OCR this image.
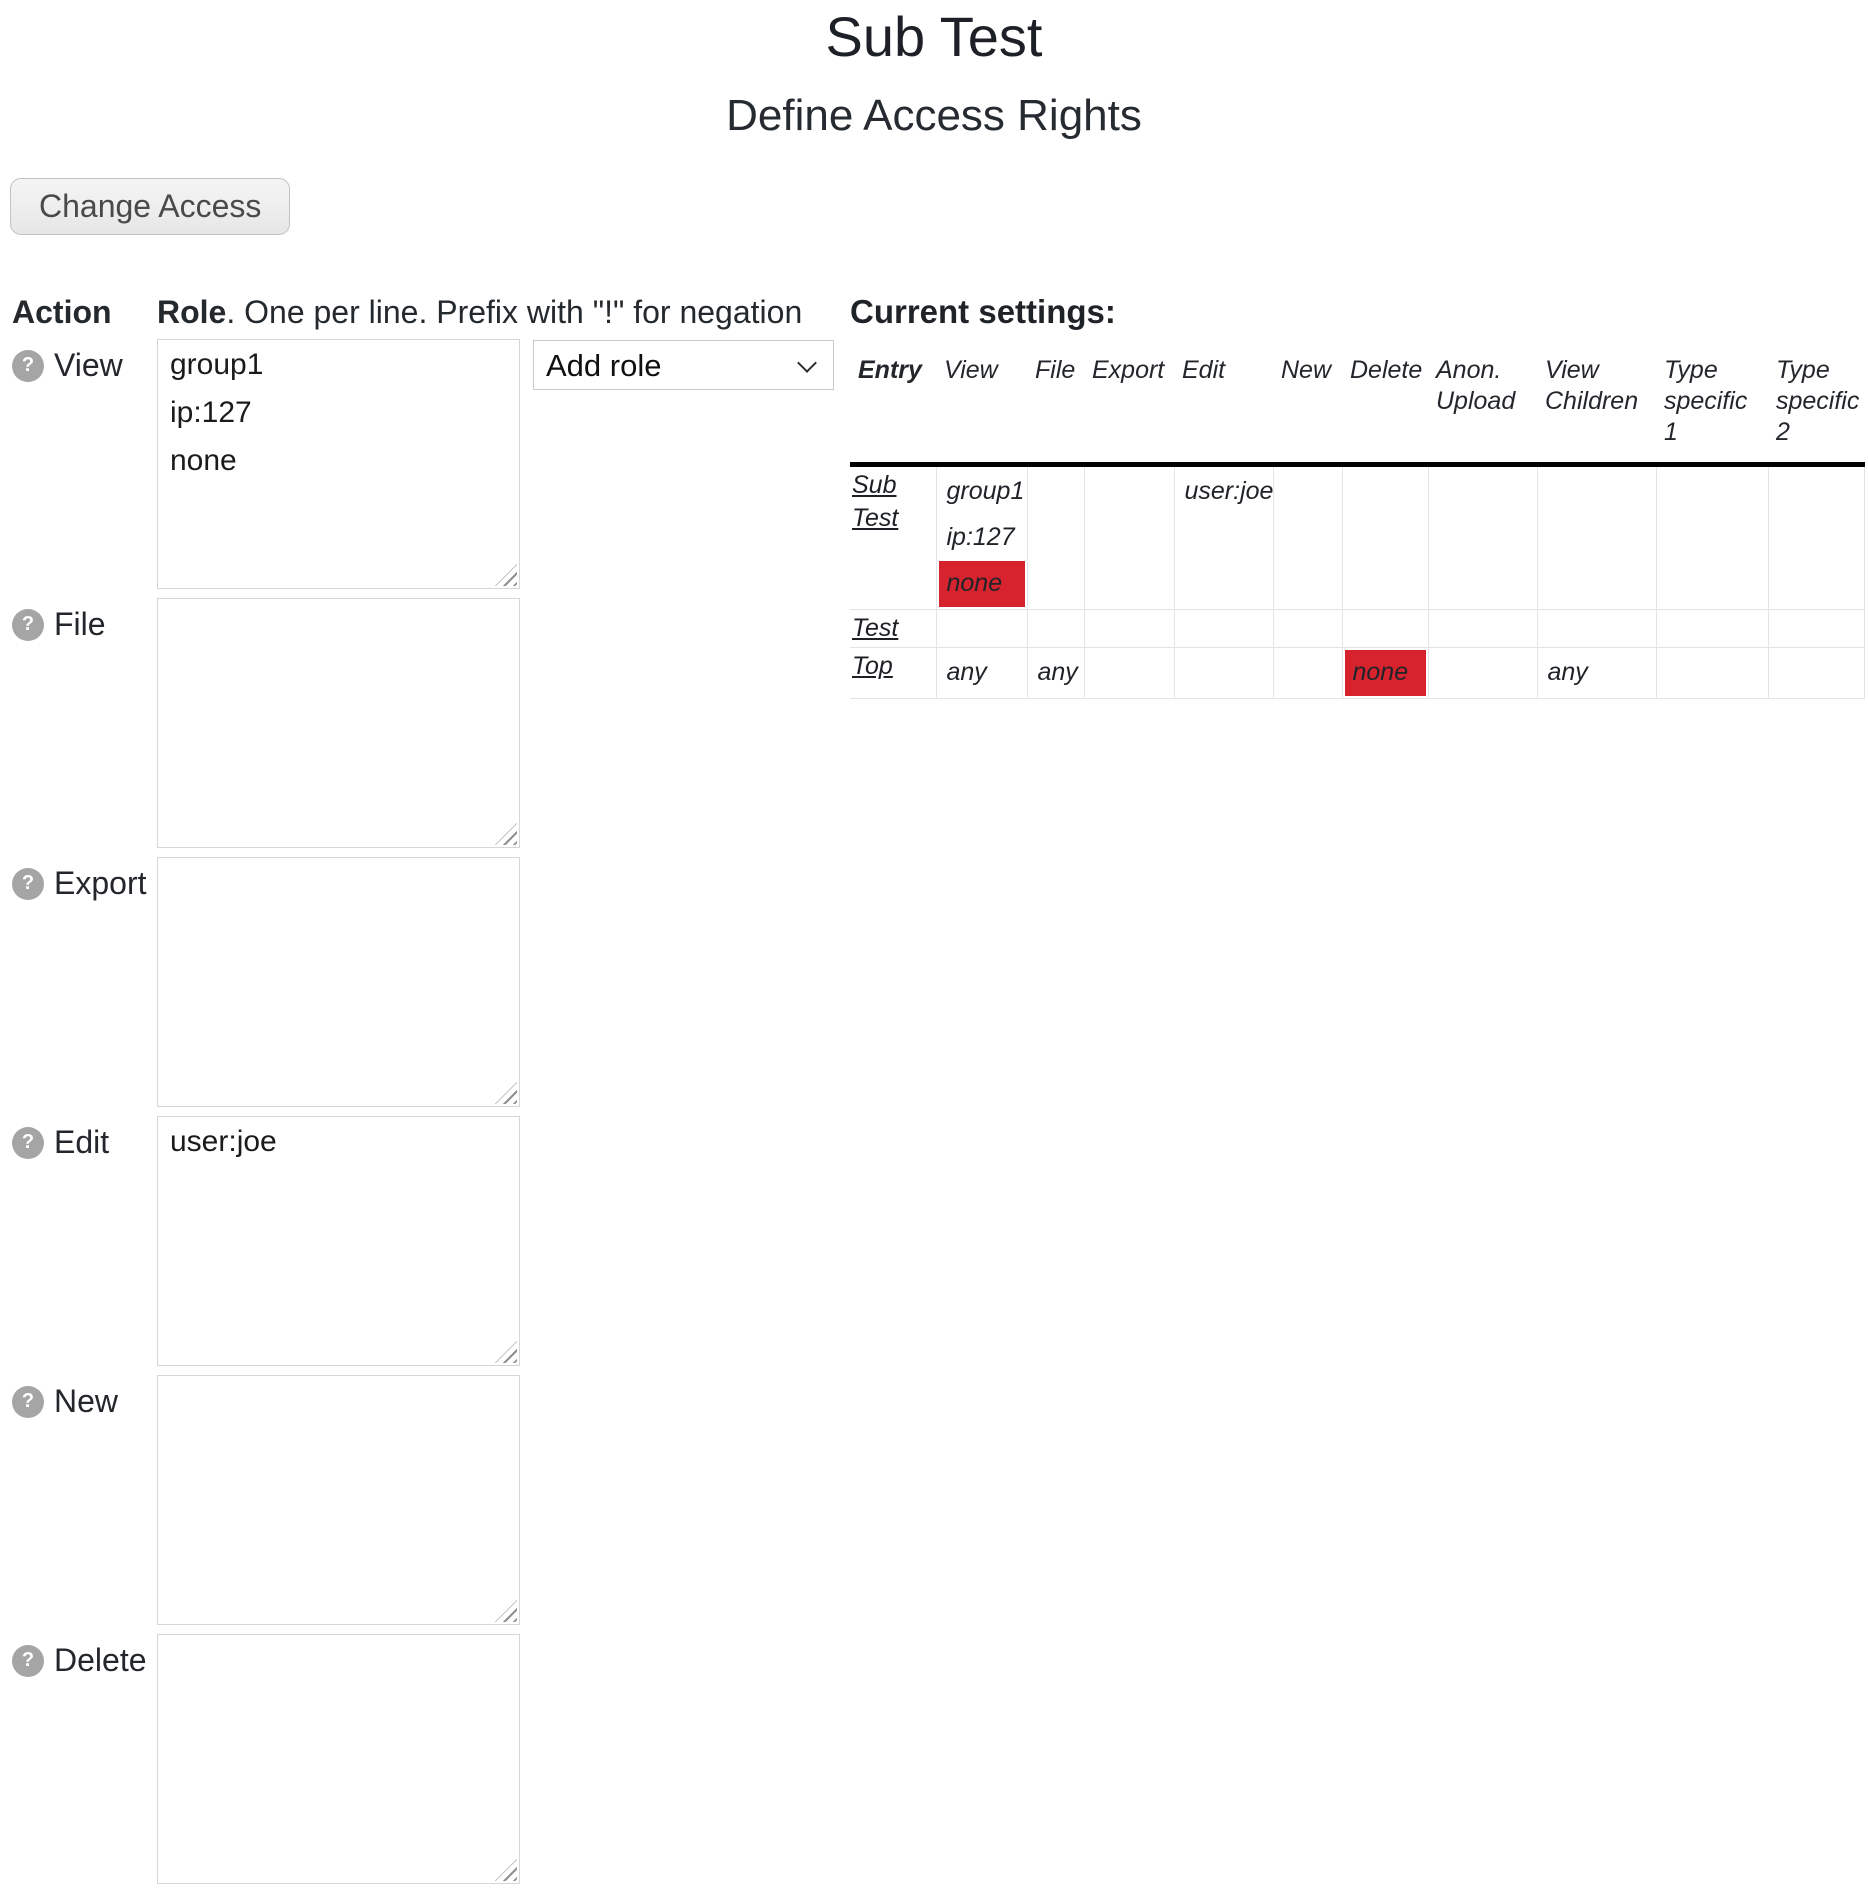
Sub Test
Define Access Rights
Change Access
Action	Role. One per line. Prefix with "!" for negation
? View
group1 ip:127 none
Add role
? File
? Export
? Edit
user:joe
? New
? Delete
Current settings:
Entry	View	File	Export	Edit	New	Delete	Anon. Upload	View Children	Type specific 1	Type specific 2
Sub Test	group1
ip:127
none			user:joe						

Test										
Top	any	any				none		any		
